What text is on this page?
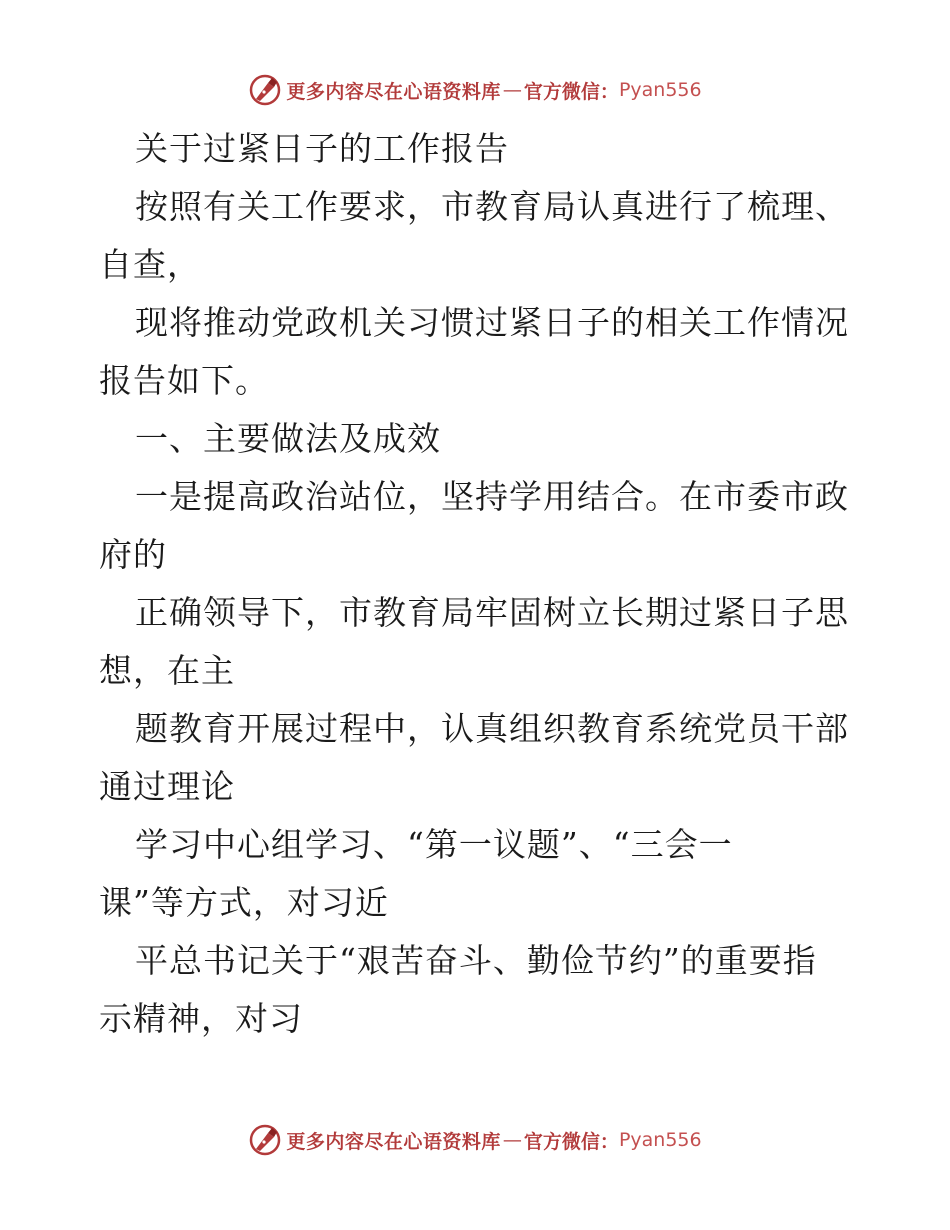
更多内容尽在心语资料库 — 官方微信： Pyan556
关于过紧日子的工作报告
按照有关工作要求，市教育局认真进行了梳理、
自查，
现将推动党政机关习惯过紧日子的相关工作情况
报告如下。
一、主要做法及成效
一是提高政治站位，坚持学用结合。在市委市政
府的
正确领导下，市教育局牢固树立长期过紧日子思
想，在主
题教育开展过程中，认真组织教育系统党员干部
通过理论
学习中心组学习、“第一议题”、“三会一
课”等方式，对习近
平总书记关于“艰苦奋斗、勤俭节约”的重要指
示精神，对习
更多内容尽在心语资料库 — 官方微信： Pyan556
